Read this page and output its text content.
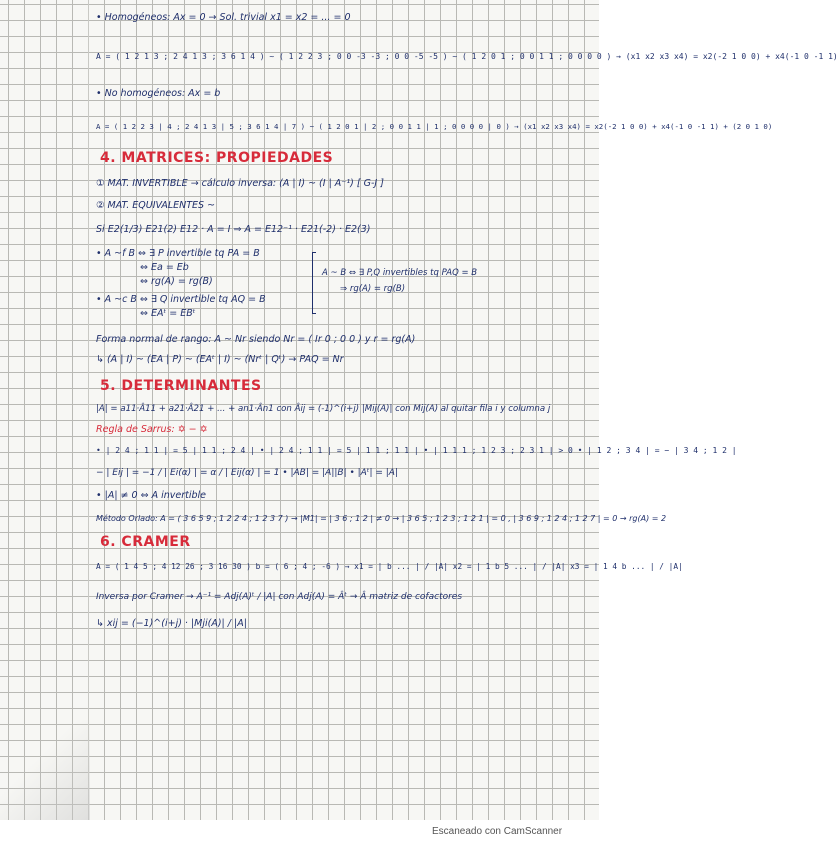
• Homogéneos: Ax = 0 → Sol. trivial x1 = x2 = ... = 0
A = ( 1 2 1 3 ; 2 4 1 3 ; 3 6 1 4 ) ~ ( 1 2 2 3 ; 0 0 -3 -3 ; 0 0 -5 -5 ) ~ ( 1 2 0 1 ; 0 0 1 1 ; 0 0 0 0 ) → (x1 x2 x3 x4) = x2(-2 1 0 0) + x4(-1 0 -1 1)
• No homogéneos: Ax = b
A = ( 1 2 2 3 | 4 ; 2 4 1 3 | 5 ; 3 6 1 4 | 7 ) ~ ( 1 2 0 1 | 2 ; 0 0 1 1 | 1 ; 0 0 0 0 | 0 ) → (x1 x2 x3 x4) = x2(-2 1 0 0) + x4(-1 0 -1 1) + (2 0 1 0)
4. MATRICES: PROPIEDADES
① MAT. INVERTIBLE → cálculo inversa: (A | I) ~ (I | A⁻¹) [ G-J ]
② MAT. EQUIVALENTES ~
Si E2(1/3) E21(2) E12 · A = I ⇒ A = E12⁻¹ · E21(-2) · E2(3)
• A ~f B ⇔ ∃ P invertible tq PA = B
⇔ Ea = Eb
⇔ rg(A) = rg(B)
A ~ B ⇔ ∃ P,Q invertibles tq PAQ = B
⇒ rg(A) = rg(B)
• A ~c B ⇔ ∃ Q invertible tq AQ = B
⇔ EAᵗ = EBᵗ
Forma normal de rango: A ~ Nr siendo Nr = ( Ir 0 ; 0 0 ) y r = rg(A)
↳ (A | I) ~ (EA | P) ~ (EAᵗ | I) ~ (Nrᵗ | Qᵗ) → PAQ = Nr
5. DETERMINANTES
|A| = a11·Â11 + a21·Â21 + ... + an1·Ân1 con Âij = (-1)^(i+j) |Mij(A)| con Mij(A) al quitar fila i y columna j
Regla de Sarrus: ✡ − ✡
• | 2 4 ; 1 1 | = 5 | 1 1 ; 2 4 | • | 2 4 ; 1 1 | = 5 | 1 1 ; 1 1 | • | 1 1 1 ; 1 2 3 ; 2 3 1 | > 0 • | 1 2 ; 3 4 | = − | 3 4 ; 1 2 |
− | Eij | = −1 / | Ei(α) | = α / | Eij(α) | = 1 • |AB| = |A||B| • |Aᵗ| = |A|
• |A| ≠ 0 ⇔ A invertible
Método Orlado: A = ( 3 6 5 9 ; 1 2 2 4 ; 1 2 3 7 ) → |M1| = | 3 6 ; 1 2 | ≠ 0 → | 3 6 5 ; 1 2 3 ; 1 2 1 | = 0 , | 3 6 9 ; 1 2 4 ; 1 2 7 | = 0 → rg(A) = 2
6. CRAMER
A = ( 1 4 5 ; 4 12 26 ; 3 16 30 ) b = ( 6 ; 4 ; -6 ) → x1 = | b ... | / |A| x2 = | 1 b 5 ... | / |A| x3 = | 1 4 b ... | / |A|
Inversa por Cramer → A⁻¹ = Adj(A)ᵗ / |A| con Adj(A) = Âᵗ → Â matriz de cofactores
↳ xij = (−1)^(i+j) · |Mji(A)| / |A|
Escaneado con CamScanner
